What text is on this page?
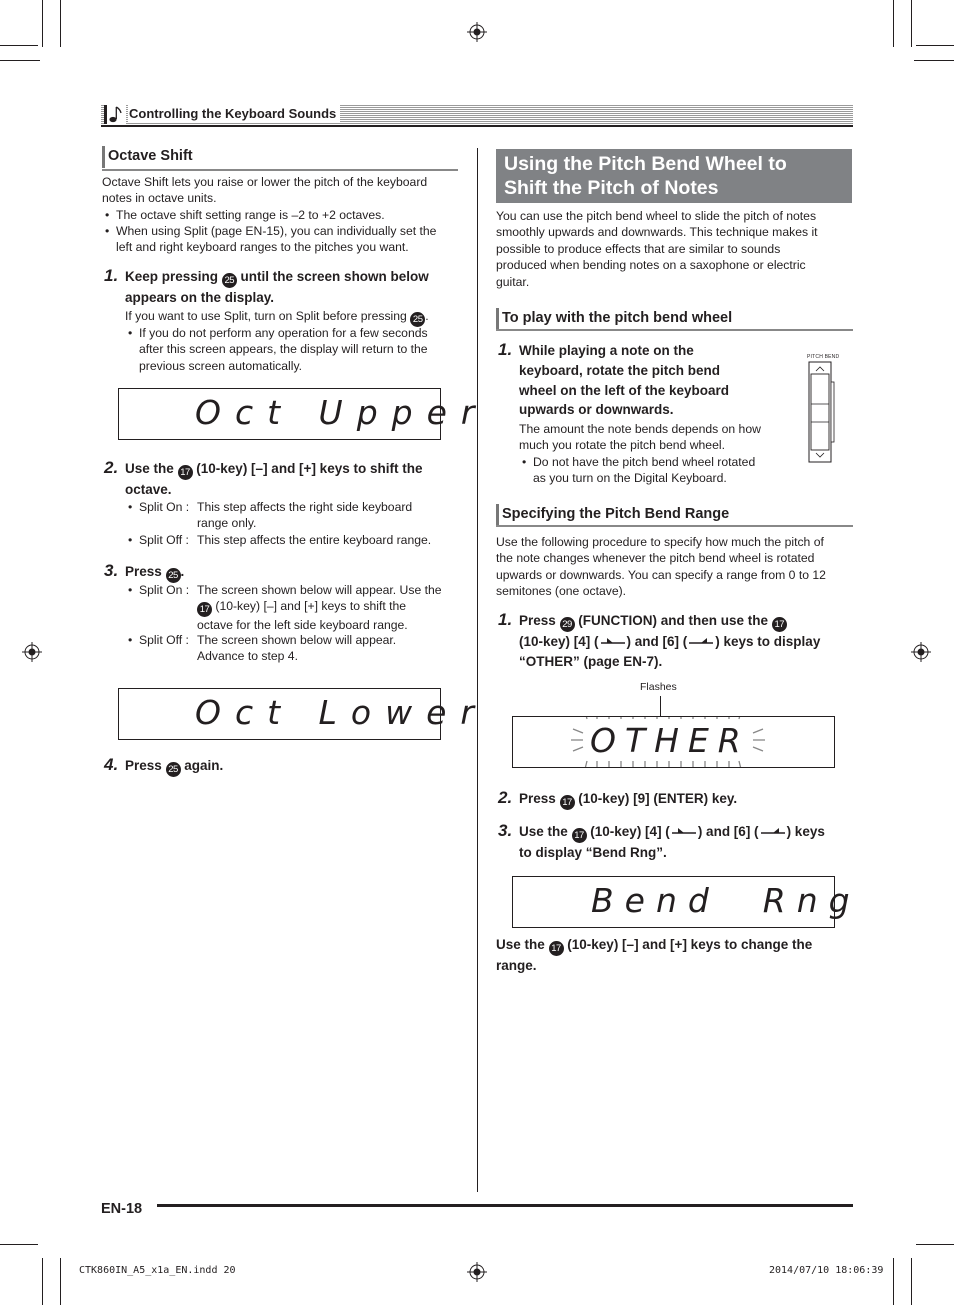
Controlling the Keyboard Sounds
Octave Shift
Octave Shift lets you raise or lower the pitch of the keyboard
notes in octave units.
• The octave shift setting range is –2 to +2 octaves.
• When using Split (page EN-15), you can individually set the
left and right keyboard ranges to the pitches you want.
1. Keep pressing 25 until the screen shown below
appears on the display.
If you want to use Split, turn on Split before pressing 25 .
• If you do not perform any operation for a few seconds
after this screen appears, the display will return to the
previous screen automatically.
Oct Upper
2. Use the 17 (10-key) [–] and [+] keys to shift the
octave.
• Split On : This step affects the right side keyboard
range only.
• Split Off : This step affects the entire keyboard range.
3. Press 25 .
• Split On : The screen shown below will appear. Use the
17 (10-key) [–] and [+] keys to shift the
octave for the left side keyboard range.
• Split Off : The screen shown below will appear.
Advance to step 4.
Oct Lower
4. Press 25 again.
Using the Pitch Bend Wheel to
Shift the Pitch of Notes
You can use the pitch bend wheel to slide the pitch of notes
smoothly upwards and downwards. This technique makes it
possible to produce effects that are similar to sounds
produced when bending notes on a saxophone or electric
guitar.
To play with the pitch bend wheel
1. While playing a note on the
keyboard, rotate the pitch bend
wheel on the left of the keyboard
upwards or downwards.
The amount the note bends depends on how
much you rotate the pitch bend wheel.
• Do not have the pitch bend wheel rotated
as you turn on the Digital Keyboard.
PITCH BEND
Specifying the Pitch Bend Range
Use the following procedure to specify how much the pitch of
the note changes whenever the pitch bend wheel is rotated
upwards or downwards. You can specify a range from 0 to 12
semitones (one octave).
1. Press 29 (FUNCTION) and then use the 17
(10-key) [4] ( ) and [6] ( ) keys to display
“OTHER” (page EN-7).
Flashes
OTHER
2. Press 17 (10-key) [9] (ENTER) key.
3. Use the 17 (10-key) [4] ( ) and [6] ( ) keys
to display “Bend Rng”.
Bend  Rng
Use the 17 (10-key) [–] and [+] keys to change the
range.
EN-18
CTK860IN_A5_x1a_EN.indd 20	2014/07/10 18:06:39
